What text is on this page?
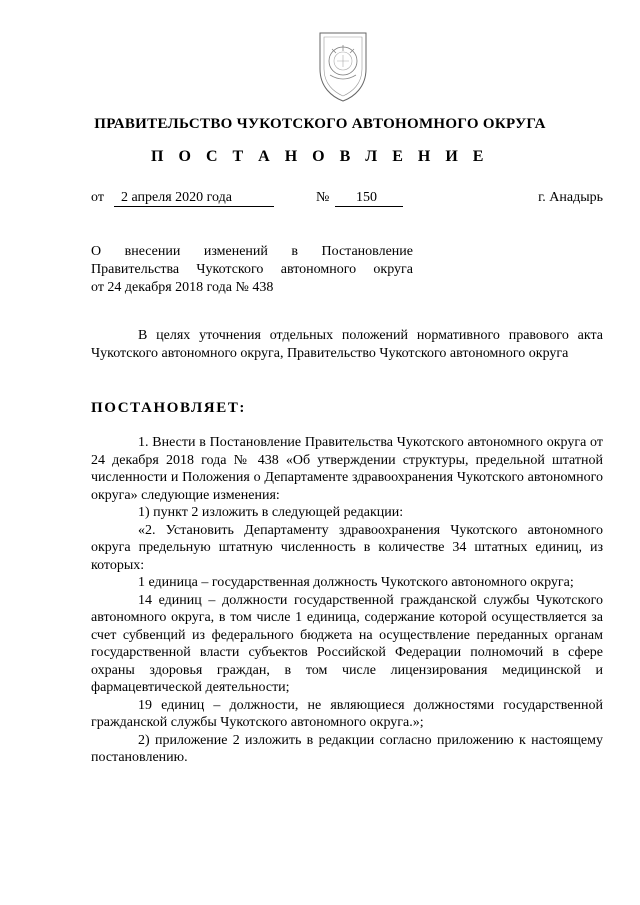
ПРАВИТЕЛЬСТВО ЧУКОТСКОГО АВТОНОМНОГО ОКРУГА
П О С Т А Н О В Л Е Н И Е
от	2 апреля 2020 года	№	150	г. Анадырь
О внесении изменений в Постановление
Правительства Чукотского автономного округа
от 24 декабря 2018 года № 438

В целях уточнения отдельных положений нормативного правового акта Чукотского автономного округа, Правительство Чукотского автономного округа

ПОСТАНОВЛЯЕТ:

1. Внести в Постановление Правительства Чукотского автономного округа от 24 декабря 2018 года № 438 «Об утверждении структуры, предельной штатной численности и Положения о Департаменте здравоохранения Чукотского автономного округа» следующие изменения:

1) пункт 2 изложить в следующей редакции:

«2. Установить Департаменту здравоохранения Чукотского автономного округа предельную штатную численность в количестве 34 штатных единиц, из которых:

1 единица – государственная должность Чукотского автономного округа;

14 единиц – должности государственной гражданской службы Чукотского автономного округа, в том числе 1 единица, содержание которой осуществляется за счет субвенций из федерального бюджета на осуществление переданных органам государственной власти субъектов Российской Федерации полномочий в сфере охраны здоровья граждан, в том числе лицензирования медицинской и фармацевтической деятельности;

19 единиц – должности, не являющиеся должностями государственной гражданской службы Чукотского автономного округа.»;

2) приложение 2 изложить в редакции согласно приложению к настоящему постановлению.
